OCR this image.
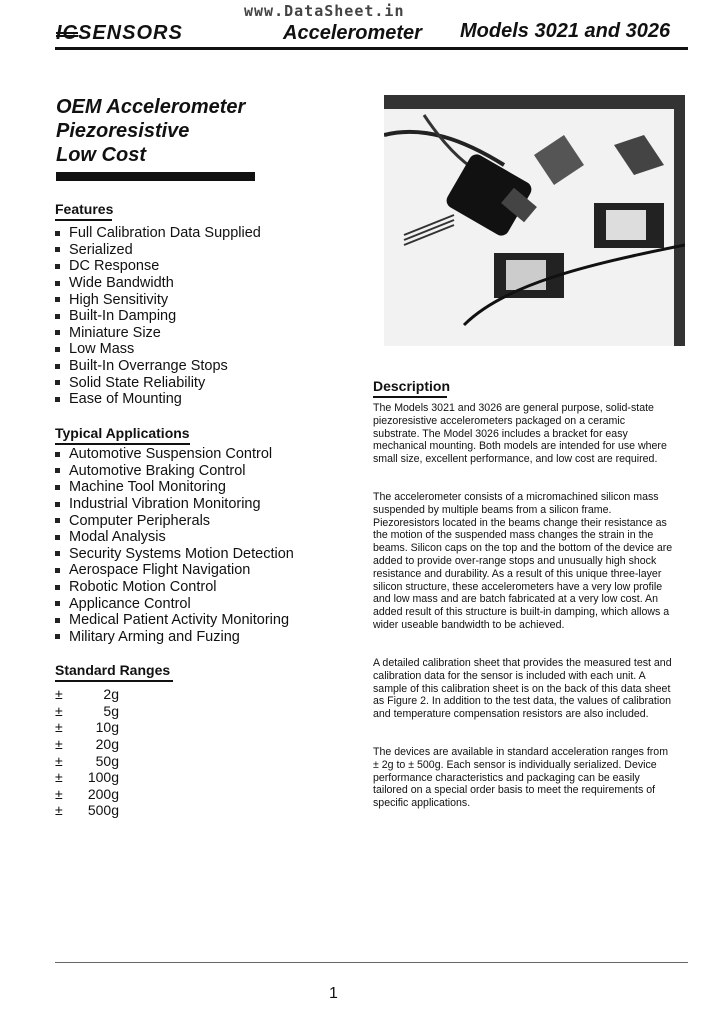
www.DataSheet.in
ICSENSORS	Accelerometer Models 3021 and 3026
OEM Accelerometer
Piezoresistive
Low Cost
Features
Full Calibration Data Supplied
Serialized
DC Response
Wide Bandwidth
High Sensitivity
Built-In Damping
Miniature Size
Low Mass
Built-In Overrange Stops
Solid State Reliability
Ease of Mounting
Typical Applications
Automotive Suspension Control
Automotive Braking Control
Machine Tool Monitoring
Industrial Vibration Monitoring
Computer Peripherals
Modal Analysis
Security Systems Motion Detection
Aerospace Flight Navigation
Robotic Motion Control
Applicance Control
Medical Patient Activity Monitoring
Military Arming and Fuzing
Standard Ranges
±	2g
±	5g
±	10g
±	20g
±	50g
±	100g
±	200g
±	500g
Description

The Models 3021 and 3026 are general purpose, solid-state piezoresistive accelerometers packaged on a ceramic substrate. The Model 3026 includes a bracket for easy mechanical mounting. Both models are intended for use where small size, excellent performance, and low cost are required.

The accelerometer consists of a micromachined silicon mass suspended by multiple beams from a silicon frame. Piezoresistors located in the beams change their resistance as the motion of the suspended mass changes the strain in the beams. Silicon caps on the top and the bottom of the device are added to provide over-range stops and unusually high shock resistance and durability. As a result of this unique three-layer silicon structure, these accelerometers have a very low profile and low mass and are batch fabricated at a very low cost. An added result of this structure is built-in damping, which allows a wider useable bandwidth to be achieved.

A detailed calibration sheet that provides the measured test and calibration data for the sensor is included with each unit. A sample of this calibration sheet is on the back of this data sheet as Figure 2. In addition to the test data, the values of calibration and temperature compensation resistors are also included.

The devices are available in standard acceleration ranges from ± 2g to ± 500g. Each sensor is individually serialized. Device performance characteristics and packaging can be easily tailored on a special order basis to meet the requirements of specific applications.

1
